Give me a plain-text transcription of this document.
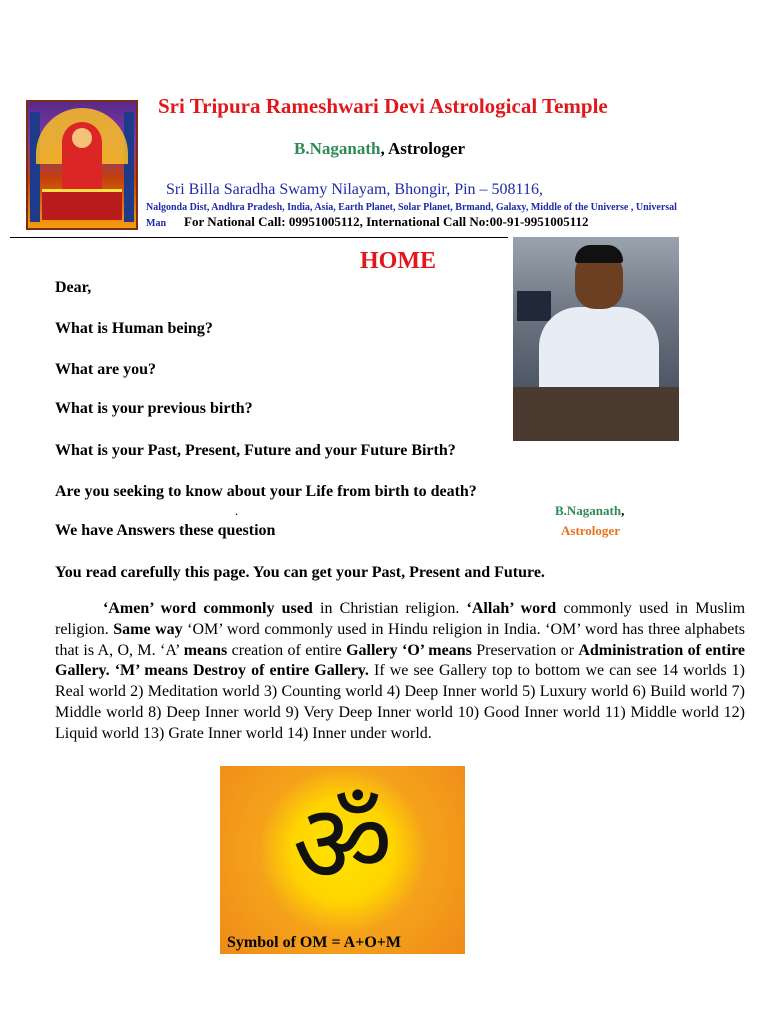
Sri Tripura Rameshwari Devi Astrological Temple
B.Naganath, Astrologer
Sri Billa Saradha Swamy Nilayam, Bhongir, Pin – 508116,
Nalgonda Dist, Andhra Pradesh, India, Asia, Earth Planet, Solar Planet, Brmand, Galaxy, Middle of the Universe , Universal
Man For National Call: 09951005112, International Call No:00-91-9951005112
HOME
Dear,
What is Human being?
What are you?
What is your previous birth?
What is your Past, Present, Future and your Future Birth?
Are you seeking to know about your Life from birth to death?
.
We have Answers these question
B.Naganath,
Astrologer
You read carefully this page. You can get your Past, Present and Future.

‘Amen’ word commonly used in Christian religion. ‘Allah’ word commonly used in Muslim religion. Same way ‘OM’ word commonly used in Hindu religion in India. ‘OM’ word has three alphabets that is A, O, M. ‘A’ means creation of entire Gallery ‘O’ means Preservation or Administration of entire Gallery. ‘M’ means Destroy of entire Gallery. If we see Gallery top to bottom we can see 14 worlds 1) Real world 2) Meditation world 3) Counting world 4) Deep Inner world 5) Luxury world 6) Build world 7) Middle world 8) Deep Inner world 9) Very Deep Inner world 10) Good Inner world 11) Middle world 12) Liquid world 13) Grate Inner world 14) Inner under world.

ॐ
Symbol of OM = A+O+M
